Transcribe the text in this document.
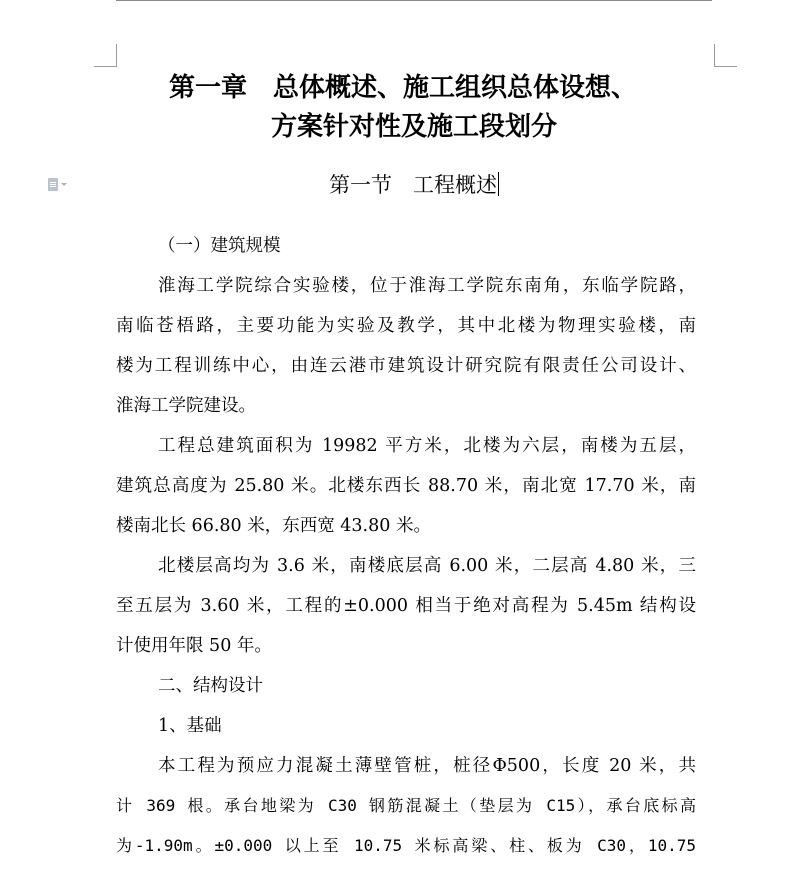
第一章　总体概述、施工组织总体设想、
方案针对性及施工段划分
第一节　工程概述
（一）建筑规模
淮海工学院综合实验楼，位于淮海工学院东南角，东临学院路，
南临苍梧路，主要功能为实验及教学，其中北楼为物理实验楼，南
楼为工程训练中心，由连云港市建筑设计研究院有限责任公司设计、
淮海工学院建设。
工程总建筑面积为 19982 平方米，北楼为六层，南楼为五层，
建筑总高度为 25.80 米。北楼东西长 88.70 米，南北宽 17.70 米，南
楼南北长 66.80 米，东西宽 43.80 米。
北楼层高均为 3.6 米，南楼底层高 6.00 米，二层高 4.80 米，三
至五层为 3.60 米，工程的±0.000 相当于绝对高程为 5.45m 结构设
计使用年限 50 年。
二、结构设计
1、基础
本工程为预应力混凝土薄壁管桩，桩径Φ500，长度 20 米，共
计 369 根。承台地梁为 C30 钢筋混凝土（垫层为 C15），承台底标高
为-1.90m。±0.000 以上至 10.75 米标高梁、柱、板为 C30，10.75
